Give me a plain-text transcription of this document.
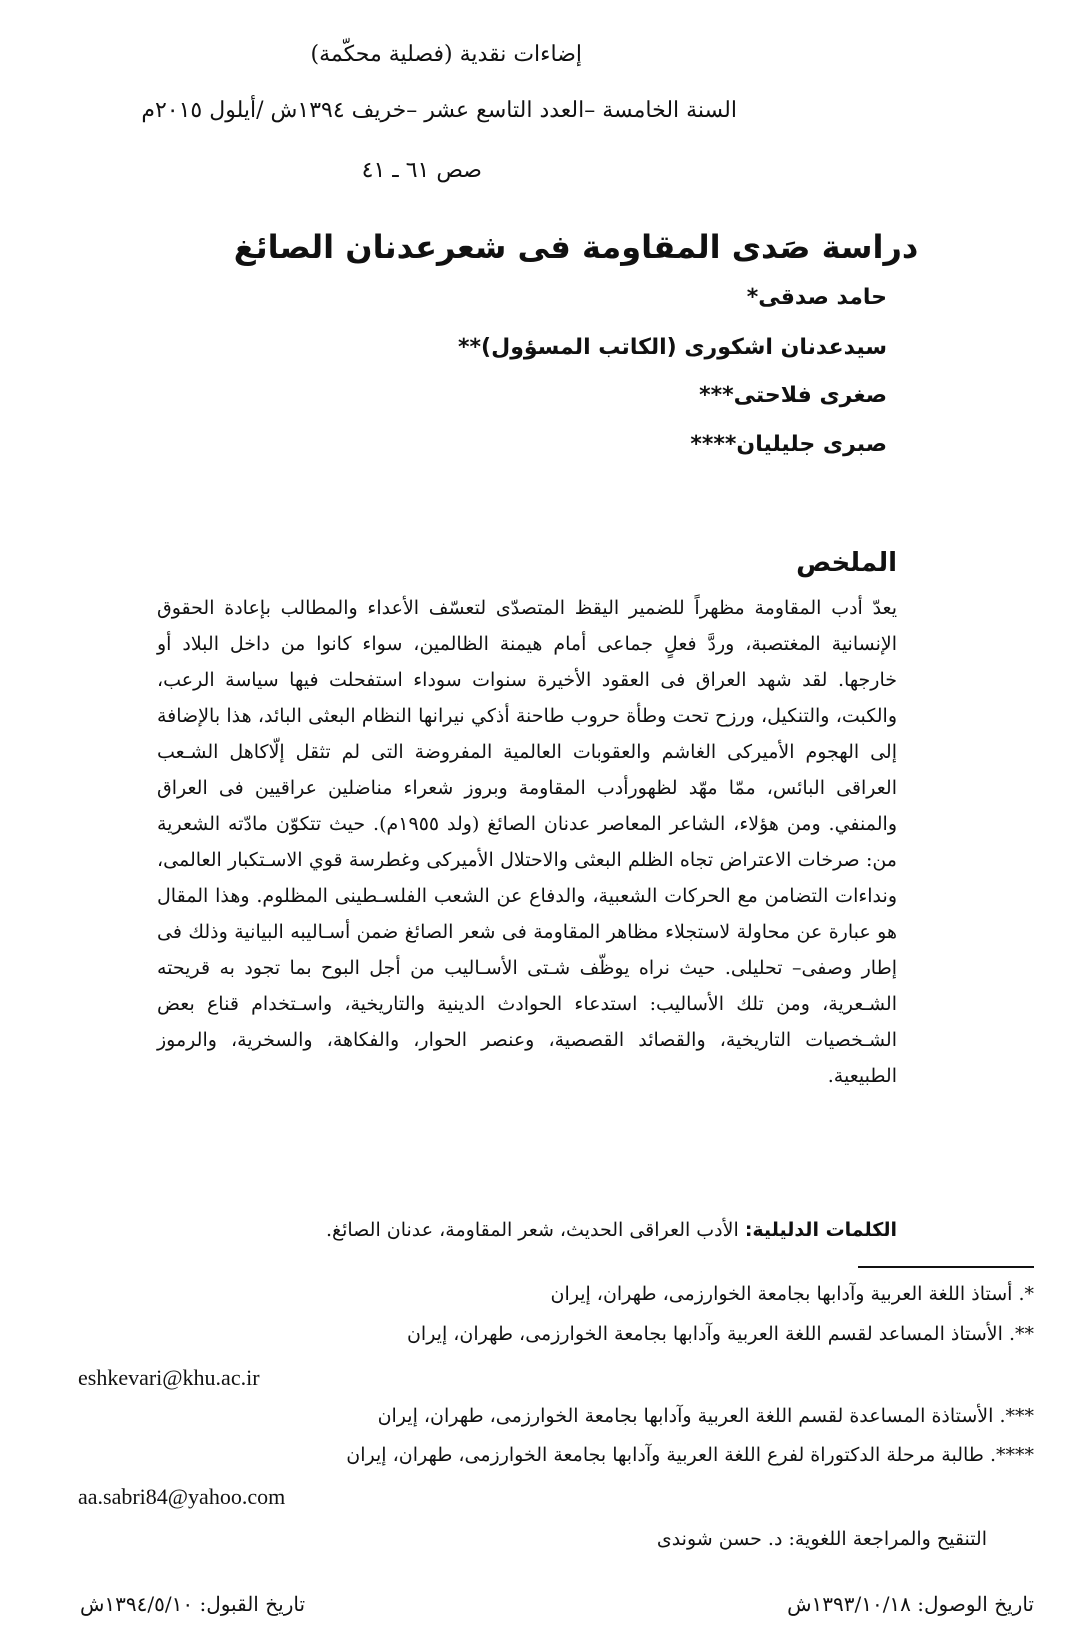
إضاءات نقدية (فصلية محكّمة)
السنة الخامسة –العدد التاسع عشر –خريف ١٣٩٤ش /أيلول ٢٠١٥م
صص ٦١ ـ ٤١
دراسة صَدى المقاومة فى شعرعدنان الصائغ
حامد صدقى*
سيدعدنان اشكورى (الكاتب المسؤول)**
صغرى فلاحتى***
صبرى جليليان****
الملخص

يعدّ أدب المقاومة مظهراً للضمير اليقظ المتصدّى لتعسّف الأعداء والمطالب بإعادة الحقوق الإنسانية المغتصبة، وردَّ فعلٍ جماعى أمام هيمنة الظالمين، سواء كانوا من داخل البلاد أو خارجها. لقد شهد العراق فى العقود الأخيرة سنوات سوداء استفحلت فيها سياسة الرعب، والكبت، والتنكيل، ورزح تحت وطأة حروب طاحنة أذكي نيرانها النظام البعثى البائد، هذا بالإضافة إلى الهجوم الأميركى الغاشم والعقوبات العالمية المفروضة التى لم تثقل إلّاكاهل الشـعب العراقى البائس، ممّا مهّد لظهورأدب المقاومة وبروز شعراء مناضلين عراقيين فى العراق والمنفي. ومن هؤلاء، الشاعر المعاصر عدنان الصائغ (ولد ١٩٥٥م). حيث تتكوّن مادّته الشعرية من: صرخات الاعتراض تجاه الظلم البعثى والاحتلال الأميركى وغطرسة قوي الاسـتكبار العالمى، ونداءات التضامن مع الحركات الشعبية، والدفاع عن الشعب الفلسـطينى المظلوم. وهذا المقال هو عبارة عن محاولة لاستجلاء مظاهر المقاومة فى شعر الصائغ ضمن أسـاليبه البيانية وذلك فى إطار وصفى– تحليلى. حيث نراه يوظّف شـتى الأسـاليب من أجل البوح بما تجود به قريحته الشـعرية، ومن تلك الأساليب: استدعاء الحوادث الدينية والتاريخية، واسـتخدام قناع بعض الشـخصيات التاريخية، والقصائد القصصية، وعنصر الحوار، والفكاهة، والسخرية، والرموز الطبيعية.

الكلمات الدليلية: الأدب العراقى الحديث، شعر المقاومة، عدنان الصائغ.
*. أستاذ اللغة العربية وآدابها بجامعة الخوارزمى، طهران، إيران
**. الأستاذ المساعد لقسم اللغة العربية وآدابها بجامعة الخوارزمى، طهران، إيران
eshkevari@khu.ac.ir
***. الأستاذة المساعدة لقسم اللغة العربية وآدابها بجامعة الخوارزمى، طهران، إيران
****. طالبة مرحلة الدكتوراة لفرع اللغة العربية وآدابها بجامعة الخوارزمى، طهران، إيران
aa.sabri84@yahoo.com
التنقيح والمراجعة اللغوية: د. حسن شوندى
تاريخ الوصول: ١٣٩٣/١٠/١٨ش
تاريخ القبول: ١٣٩٤/٥/١٠ش
